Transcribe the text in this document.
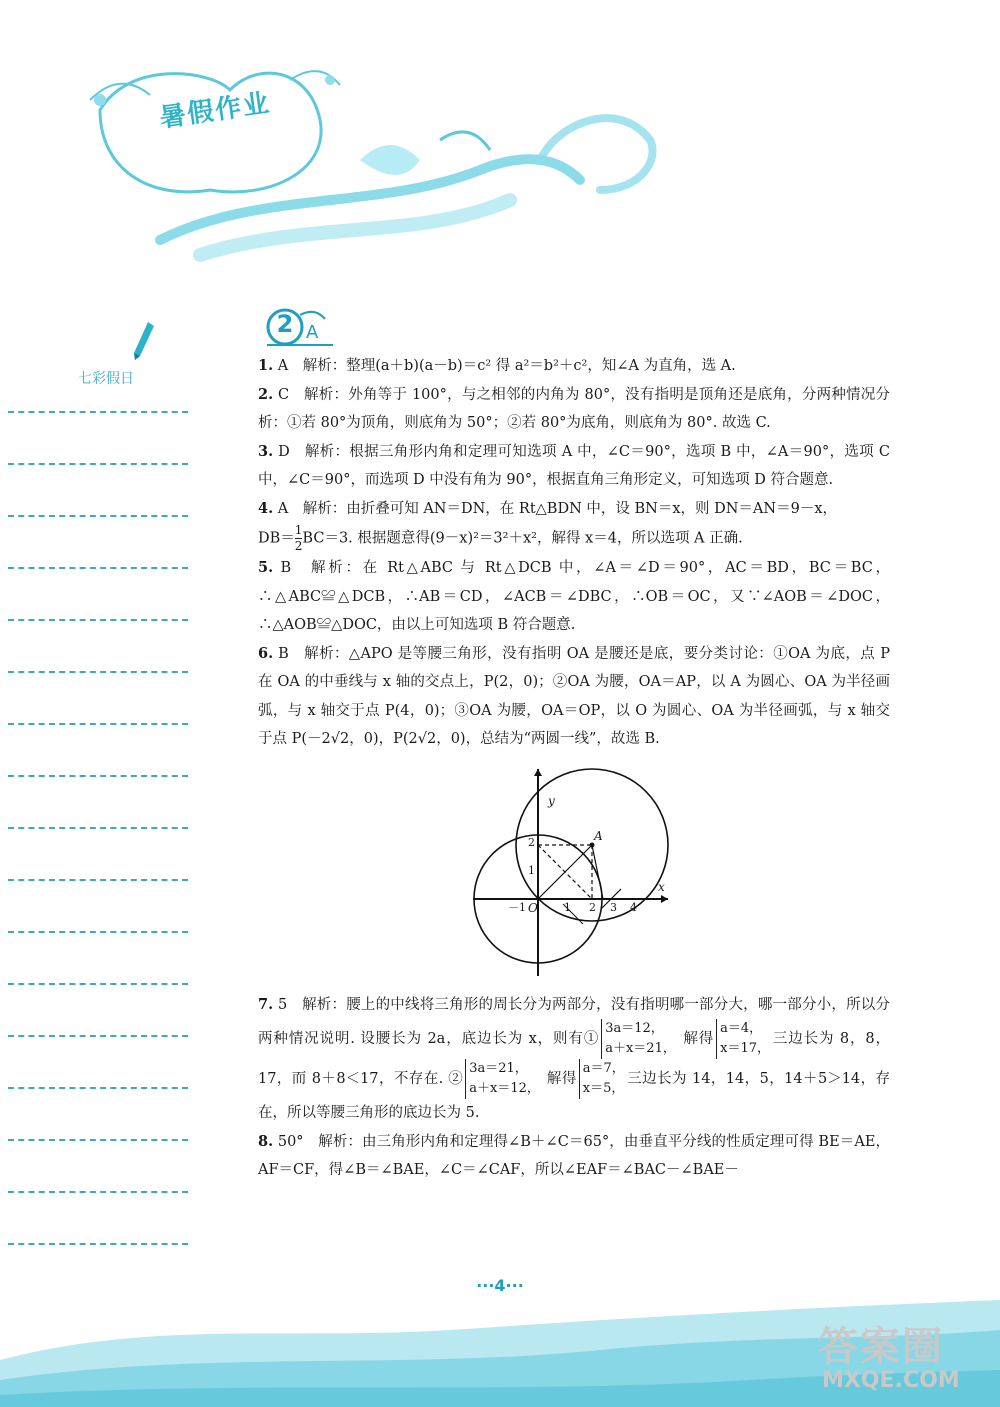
暑假作业
七彩假日
2 A

1. A　解析：整理(a＋b)(a－b)＝c² 得 a²＝b²＋c²，知∠A 为直角，选 A.

2. C　解析：外角等于 100°，与之相邻的内角为 80°，没有指明是顶角还是底角，分两种情况分析：①若 80°为顶角，则底角为 50°；②若 80°为底角，则底角为 80°. 故选 C.

3. D　解析：根据三角形内角和定理可知选项 A 中，∠C＝90°，选项 B 中，∠A＝90°，选项 C 中，∠C＝90°，而选项 D 中没有角为 90°，根据直角三角形定义，可知选项 D 符合题意.

4. A　解析：由折叠可知 AN＝DN，在 Rt△BDN 中，设 BN＝x，则 DN＝AN＝9－x，
$DB= \frac{1}{2} BC=3$. 根据题意得(9－x)²＝3²＋x²，解得 x＝4，所以选项 A 正确.

5. B　解析：在 Rt△ABC 与 Rt△DCB 中，∠A＝∠D＝90°，AC＝BD，BC＝BC，∴△ABC≌△DCB，∴AB＝CD，∠ACB＝∠DBC，∴OB＝OC，又∵∠AOB＝∠DOC，∴△AOB≌△DOC，由以上可知选项 B 符合题意.

6. B　解析：△APO 是等腰三角形，没有指明 OA 是腰还是底，要分类讨论：①OA 为底，点 P 在 OA 的中垂线与 x 轴的交点上，P(2，0)；②OA 为腰，OA＝AP，以 A 为圆心、OA 为半径画弧，与 x 轴交于点 P(4，0)；③OA 为腰，OA＝OP，以 O 为圆心、OA 为半径画弧，与 x 轴交于点 P(－2√2，0)，P(2√2，0)，总结为“两圆一线”，故选 B.

y
x
O
A
－1	1 2 3 4
1
2

7. 5　解析：腰上的中线将三角形的周长分为两部分，没有指明哪一部分大，哪一部分小，所以分两种情况说明. 设腰长为 2a，底边长为 x，则有①
3a＝12，
a＋x＝21，
解得
a＝4，
x＝17，
三边长为 8，8，17，而 8＋8＜17，不存在. ②
3a＝21，
a＋x＝12，
解得
a＝7，
x＝5，
三边长为 14，14，5，14＋5＞14，存在，所以等腰三角形的底边长为 5.

8. 50°　解析：由三角形内角和定理得∠B＋∠C＝65°，由垂直平分线的性质定理可得 BE＝AE，AF＝CF，得∠B＝∠BAE，∠C＝∠CAF，所以∠EAF＝∠BAC－∠BAE－

···4···
答案圈
MXQE.COM
